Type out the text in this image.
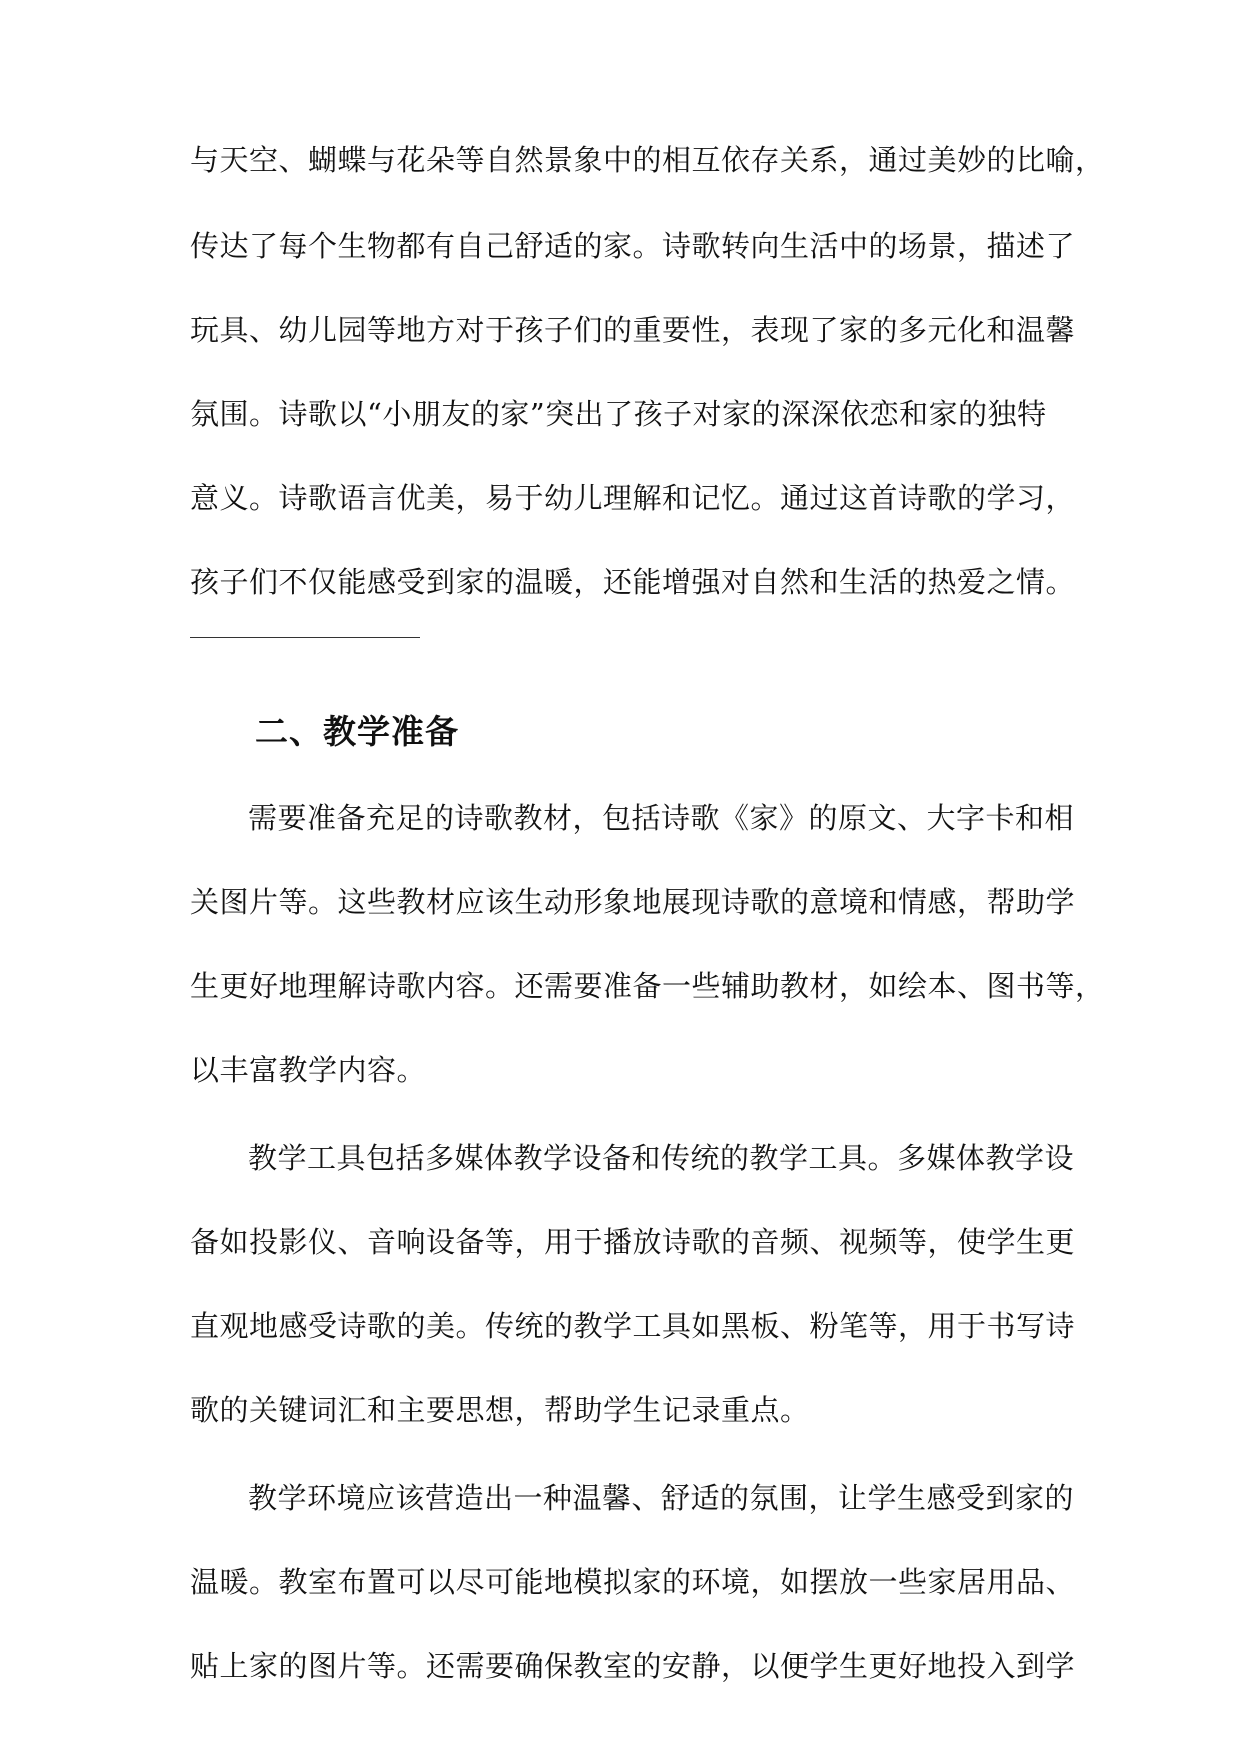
与天空、蝴蝶与花朵等自然景象中的相互依存关系，通过美妙的比喻，
传达了每个生物都有自己舒适的家。诗歌转向生活中的场景，描述了
玩具、幼儿园等地方对于孩子们的重要性，表现了家的多元化和温馨
氛围。诗歌以“小朋友的家”突出了孩子对家的深深依恋和家的独特
意义。诗歌语言优美，易于幼儿理解和记忆。通过这首诗歌的学习，
孩子们不仅能感受到家的温暖，还能增强对自然和生活的热爱之情。
二、教学准备
需要准备充足的诗歌教材，包括诗歌《家》的原文、大字卡和相
关图片等。这些教材应该生动形象地展现诗歌的意境和情感，帮助学
生更好地理解诗歌内容。还需要准备一些辅助教材，如绘本、图书等，
以丰富教学内容。
教学工具包括多媒体教学设备和传统的教学工具。多媒体教学设
备如投影仪、音响设备等，用于播放诗歌的音频、视频等，使学生更
直观地感受诗歌的美。传统的教学工具如黑板、粉笔等，用于书写诗
歌的关键词汇和主要思想，帮助学生记录重点。
教学环境应该营造出一种温馨、舒适的氛围，让学生感受到家的
温暖。教室布置可以尽可能地模拟家的环境，如摆放一些家居用品、
贴上家的图片等。还需要确保教室的安静，以便学生更好地投入到学
